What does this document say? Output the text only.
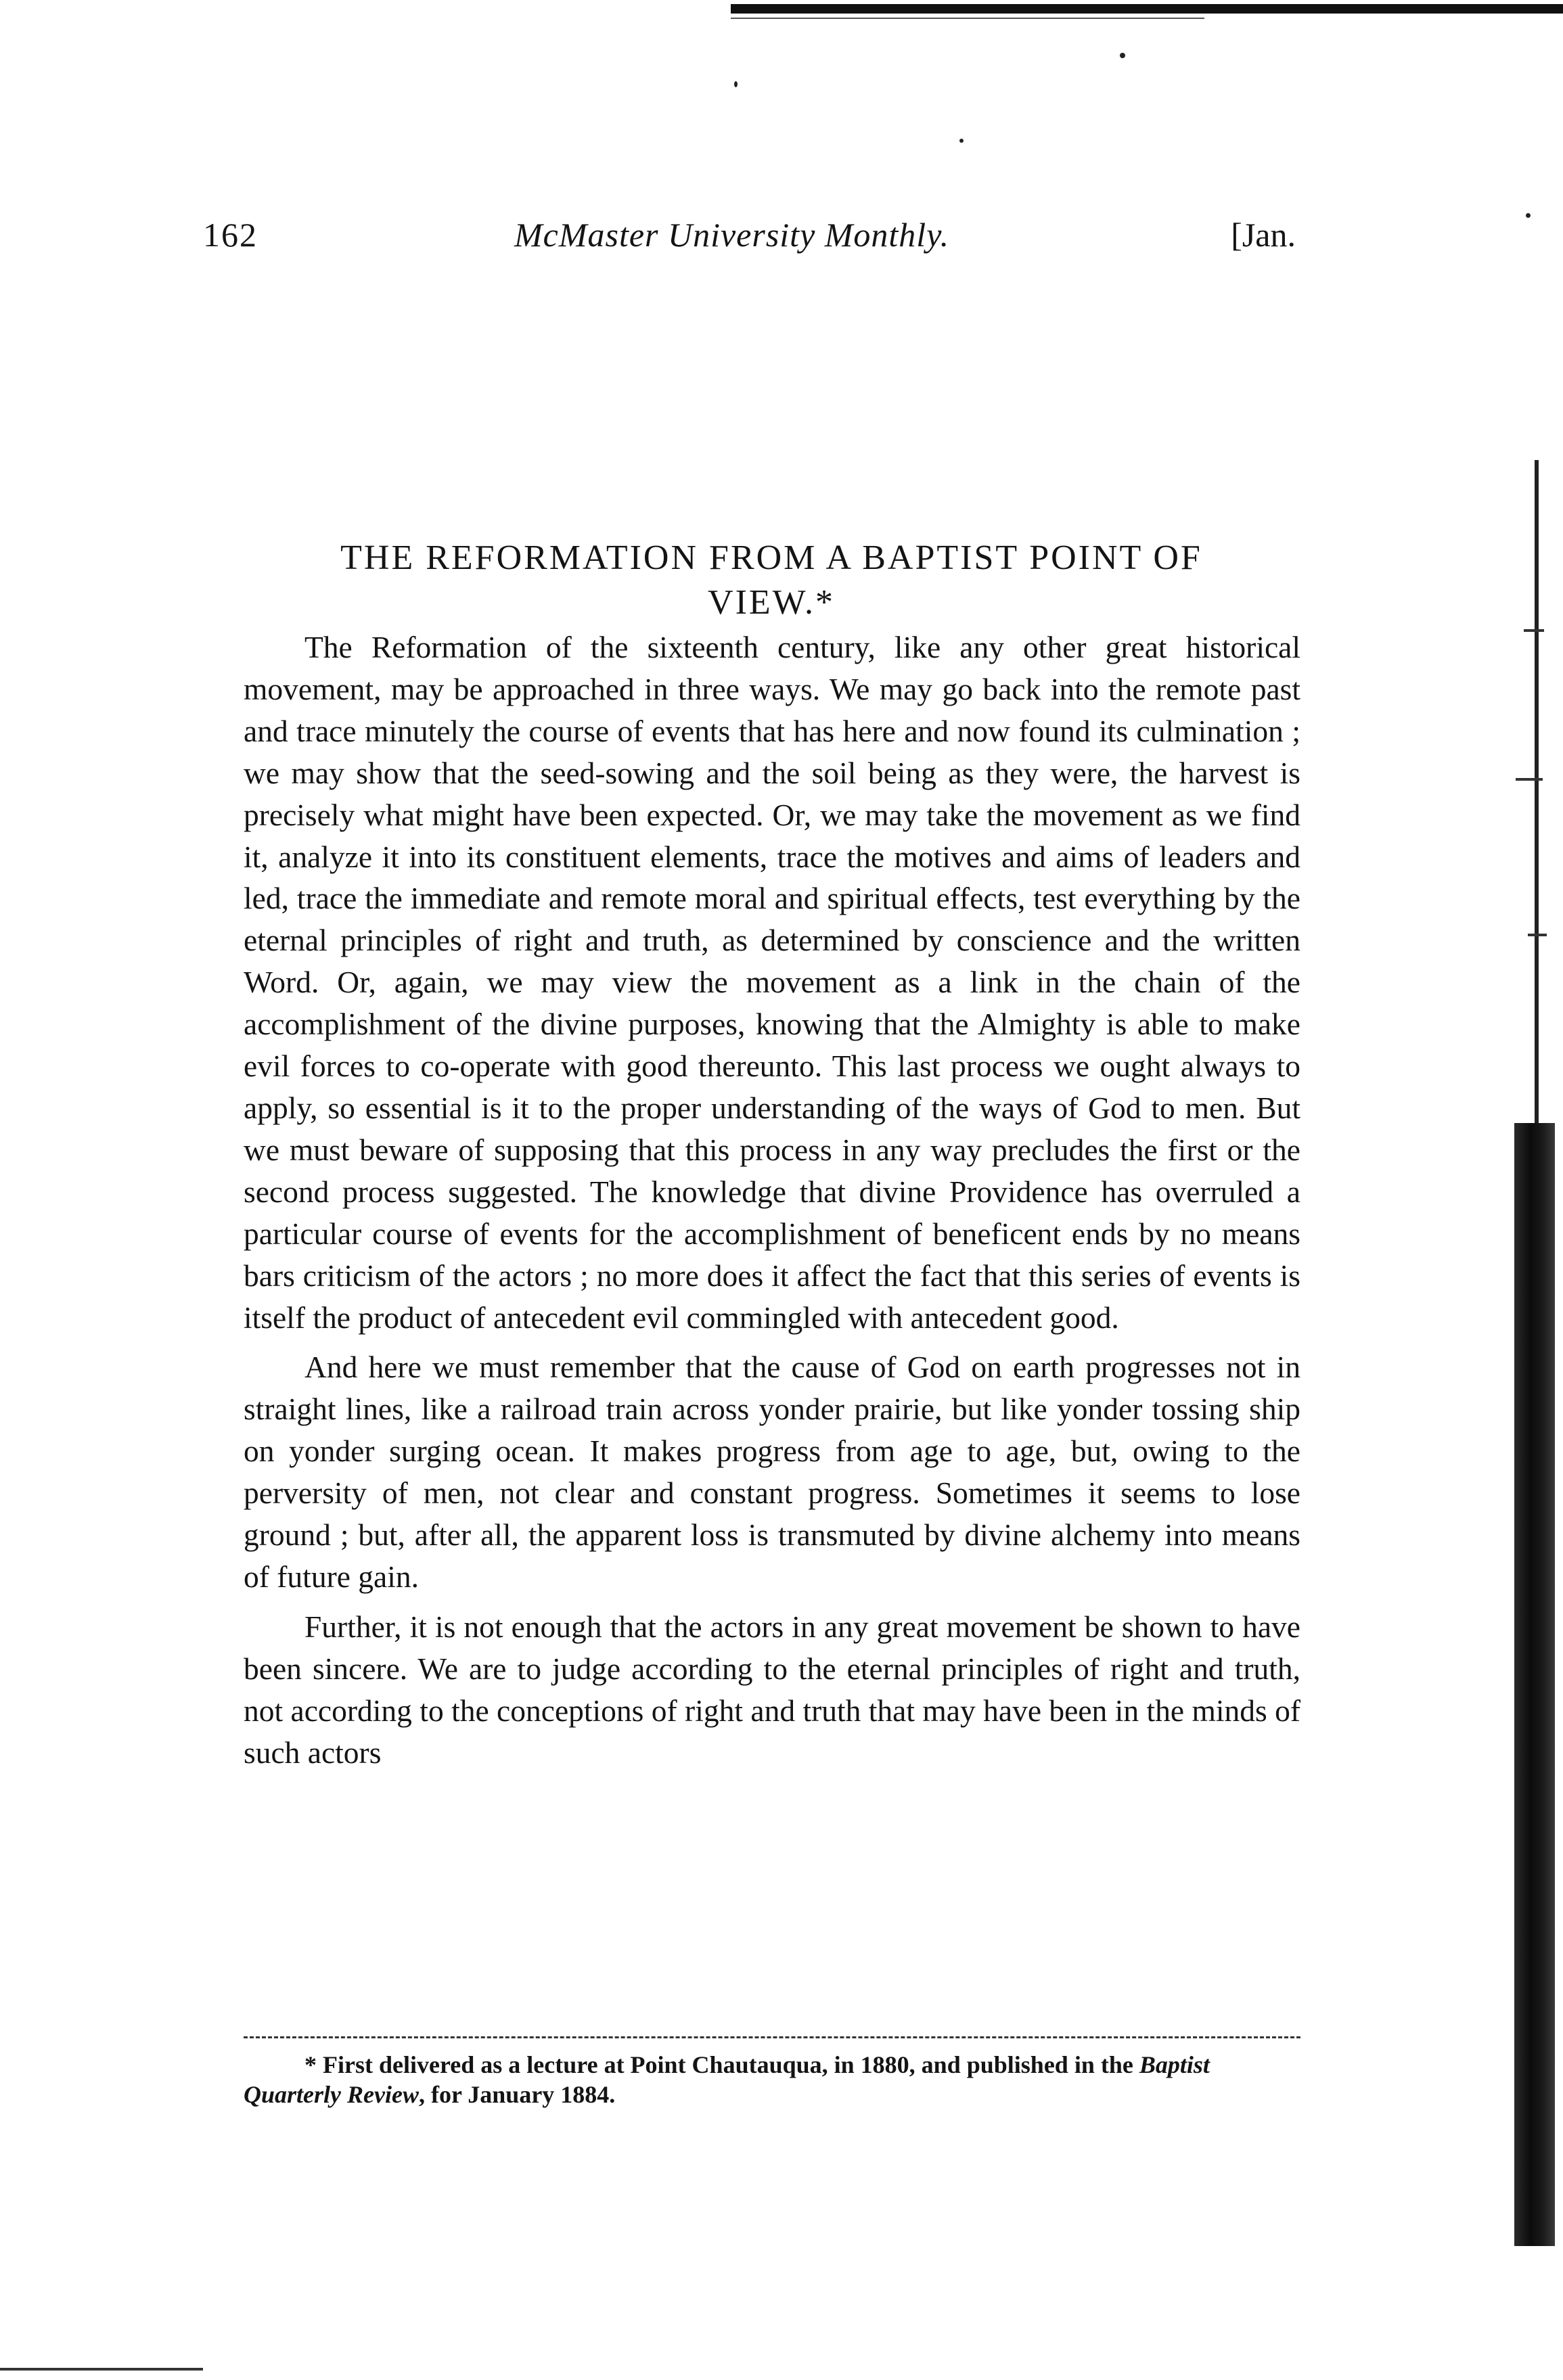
162	McMaster University Monthly.	[Jan.
THE REFORMATION FROM A BAPTIST POINT OF
VIEW.*

The Reformation of the sixteenth century, like any other great historical movement, may be approached in three ways. We may go back into the remote past and trace minutely the course of events that has here and now found its culmination ; we may show that the seed-sowing and the soil being as they were, the harvest is precisely what might have been expected. Or, we may take the movement as we find it, analyze it into its constituent elements, trace the motives and aims of leaders and led, trace the immediate and remote moral and spiritual effects, test everything by the eternal principles of right and truth, as determined by conscience and the written Word. Or, again, we may view the movement as a link in the chain of the accomplishment of the divine purposes, knowing that the Almighty is able to make evil forces to co-operate with good thereunto. This last process we ought always to apply, so essential is it to the proper understanding of the ways of God to men. But we must beware of supposing that this process in any way precludes the first or the second process suggested. The knowledge that divine Providence has overruled a particular course of events for the accomplishment of beneficent ends by no means bars criticism of the actors ; no more does it affect the fact that this series of events is itself the product of antecedent evil commingled with antecedent good.

And here we must remember that the cause of God on earth progresses not in straight lines, like a railroad train across yonder prairie, but like yonder tossing ship on yonder surging ocean. It makes progress from age to age, but, owing to the perversity of men, not clear and constant progress. Sometimes it seems to lose ground ; but, after all, the apparent loss is transmuted by divine alchemy into means of future gain.

Further, it is not enough that the actors in any great movement be shown to have been sincere. We are to judge according to the eternal principles of right and truth, not according to the conceptions of right and truth that may have been in the minds of such actors

* First delivered as a lecture at Point Chautauqua, in 1880, and published in the Baptist Quarterly Review, for January 1884.
